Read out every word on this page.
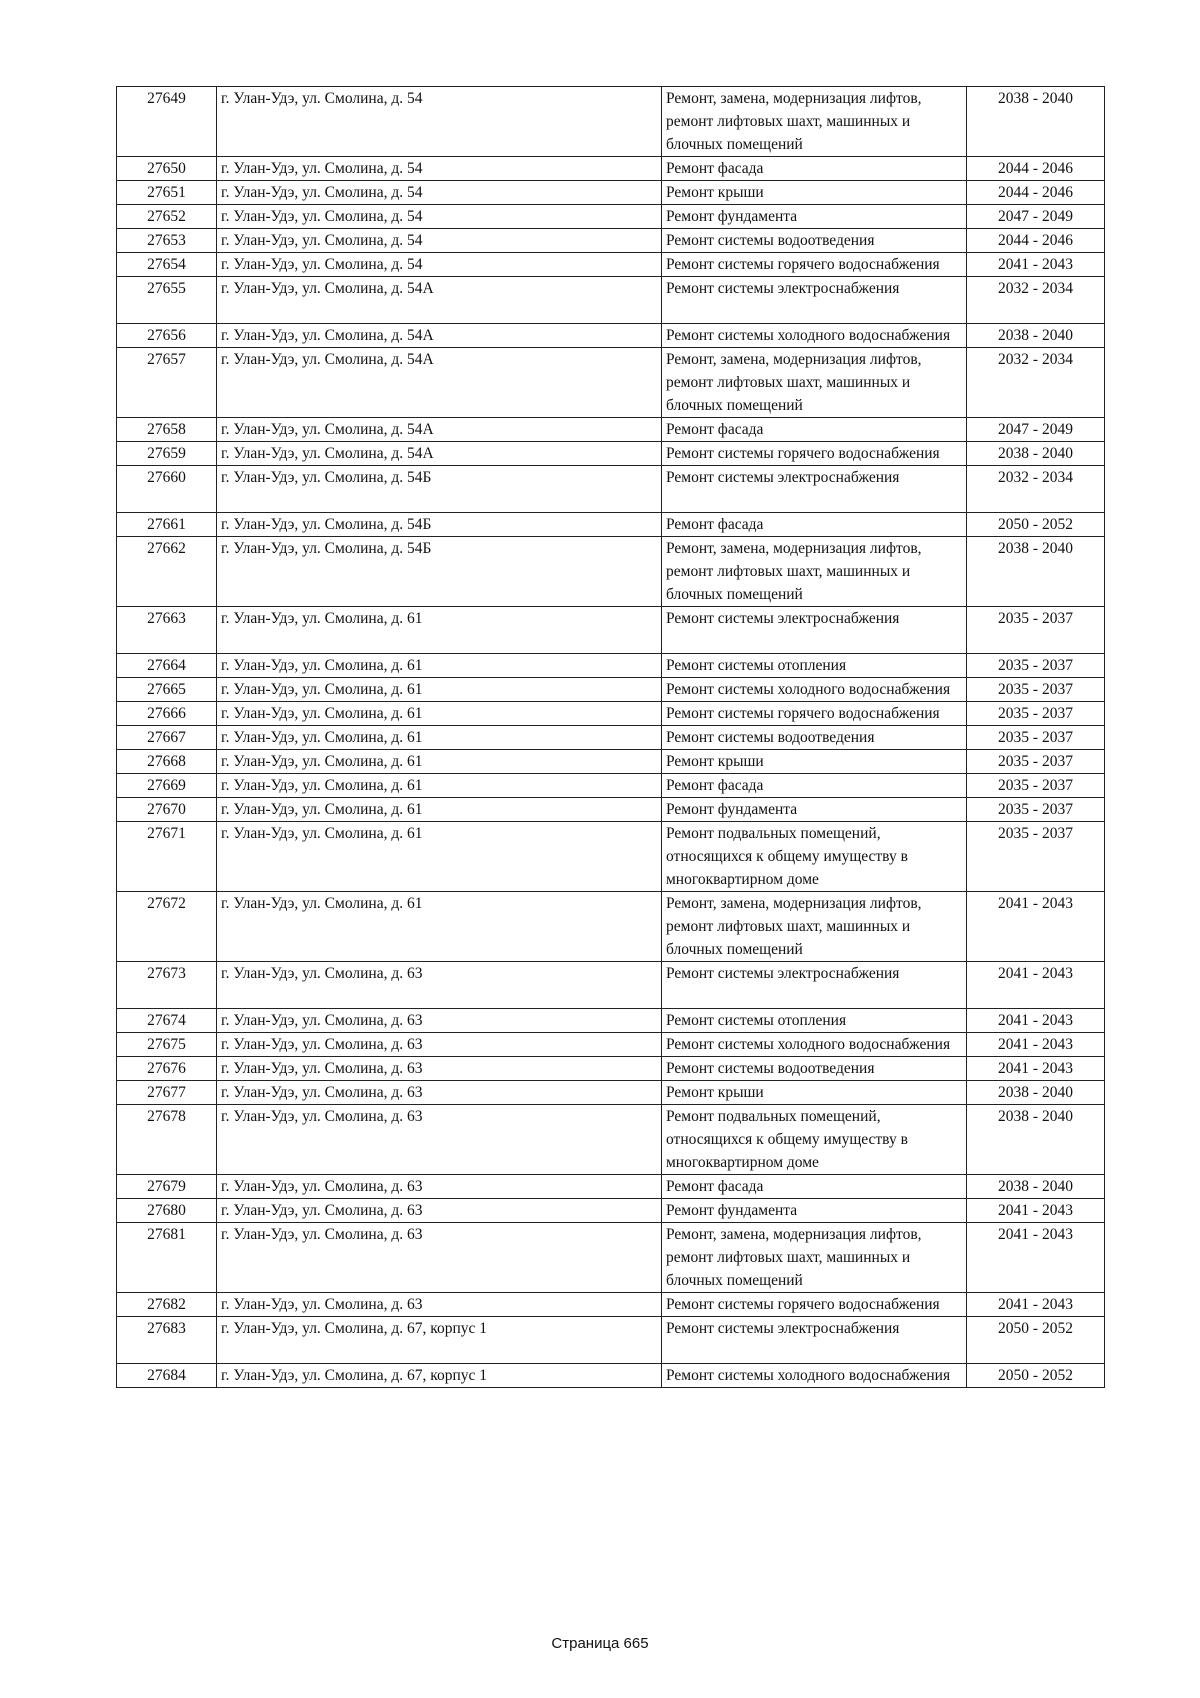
27649	г. Улан-Удэ, ул. Смолина, д. 54	Ремонт, замена, модернизация лифтов, ремонт лифтовых шахт, машинных и блочных помещений	2038 - 2040
27650	г. Улан-Удэ, ул. Смолина, д. 54	Ремонт фасада	2044 - 2046
27651	г. Улан-Удэ, ул. Смолина, д. 54	Ремонт крыши	2044 - 2046
27652	г. Улан-Удэ, ул. Смолина, д. 54	Ремонт фундамента	2047 - 2049
27653	г. Улан-Удэ, ул. Смолина, д. 54	Ремонт системы водоотведения	2044 - 2046
27654	г. Улан-Удэ, ул. Смолина, д. 54	Ремонт системы горячего водоснабжения	2041 - 2043
27655	г. Улан-Удэ, ул. Смолина, д. 54А	Ремонт системы электроснабжения	2032 - 2034
27656	г. Улан-Удэ, ул. Смолина, д. 54А	Ремонт системы холодного водоснабжения	2038 - 2040
27657	г. Улан-Удэ, ул. Смолина, д. 54А	Ремонт, замена, модернизация лифтов, ремонт лифтовых шахт, машинных и блочных помещений	2032 - 2034
27658	г. Улан-Удэ, ул. Смолина, д. 54А	Ремонт фасада	2047 - 2049
27659	г. Улан-Удэ, ул. Смолина, д. 54А	Ремонт системы горячего водоснабжения	2038 - 2040
27660	г. Улан-Удэ, ул. Смолина, д. 54Б	Ремонт системы электроснабжения	2032 - 2034
27661	г. Улан-Удэ, ул. Смолина, д. 54Б	Ремонт фасада	2050 - 2052
27662	г. Улан-Удэ, ул. Смолина, д. 54Б	Ремонт, замена, модернизация лифтов, ремонт лифтовых шахт, машинных и блочных помещений	2038 - 2040
27663	г. Улан-Удэ, ул. Смолина, д. 61	Ремонт системы электроснабжения	2035 - 2037
27664	г. Улан-Удэ, ул. Смолина, д. 61	Ремонт системы отопления	2035 - 2037
27665	г. Улан-Удэ, ул. Смолина, д. 61	Ремонт системы холодного водоснабжения	2035 - 2037
27666	г. Улан-Удэ, ул. Смолина, д. 61	Ремонт системы горячего водоснабжения	2035 - 2037
27667	г. Улан-Удэ, ул. Смолина, д. 61	Ремонт системы водоотведения	2035 - 2037
27668	г. Улан-Удэ, ул. Смолина, д. 61	Ремонт крыши	2035 - 2037
27669	г. Улан-Удэ, ул. Смолина, д. 61	Ремонт фасада	2035 - 2037
27670	г. Улан-Удэ, ул. Смолина, д. 61	Ремонт фундамента	2035 - 2037
27671	г. Улан-Удэ, ул. Смолина, д. 61	Ремонт подвальных помещений, относящихся к общему имуществу в многоквартирном доме	2035 - 2037
27672	г. Улан-Удэ, ул. Смолина, д. 61	Ремонт, замена, модернизация лифтов, ремонт лифтовых шахт, машинных и блочных помещений	2041 - 2043
27673	г. Улан-Удэ, ул. Смолина, д. 63	Ремонт системы электроснабжения	2041 - 2043
27674	г. Улан-Удэ, ул. Смолина, д. 63	Ремонт системы отопления	2041 - 2043
27675	г. Улан-Удэ, ул. Смолина, д. 63	Ремонт системы холодного водоснабжения	2041 - 2043
27676	г. Улан-Удэ, ул. Смолина, д. 63	Ремонт системы водоотведения	2041 - 2043
27677	г. Улан-Удэ, ул. Смолина, д. 63	Ремонт крыши	2038 - 2040
27678	г. Улан-Удэ, ул. Смолина, д. 63	Ремонт подвальных помещений, относящихся к общему имуществу в многоквартирном доме	2038 - 2040
27679	г. Улан-Удэ, ул. Смолина, д. 63	Ремонт фасада	2038 - 2040
27680	г. Улан-Удэ, ул. Смолина, д. 63	Ремонт фундамента	2041 - 2043
27681	г. Улан-Удэ, ул. Смолина, д. 63	Ремонт, замена, модернизация лифтов, ремонт лифтовых шахт, машинных и блочных помещений	2041 - 2043
27682	г. Улан-Удэ, ул. Смолина, д. 63	Ремонт системы горячего водоснабжения	2041 - 2043
27683	г. Улан-Удэ, ул. Смолина, д. 67, корпус 1	Ремонт системы электроснабжения	2050 - 2052
27684	г. Улан-Удэ, ул. Смолина, д. 67, корпус 1	Ремонт системы холодного водоснабжения	2050 - 2052
Страница 665
